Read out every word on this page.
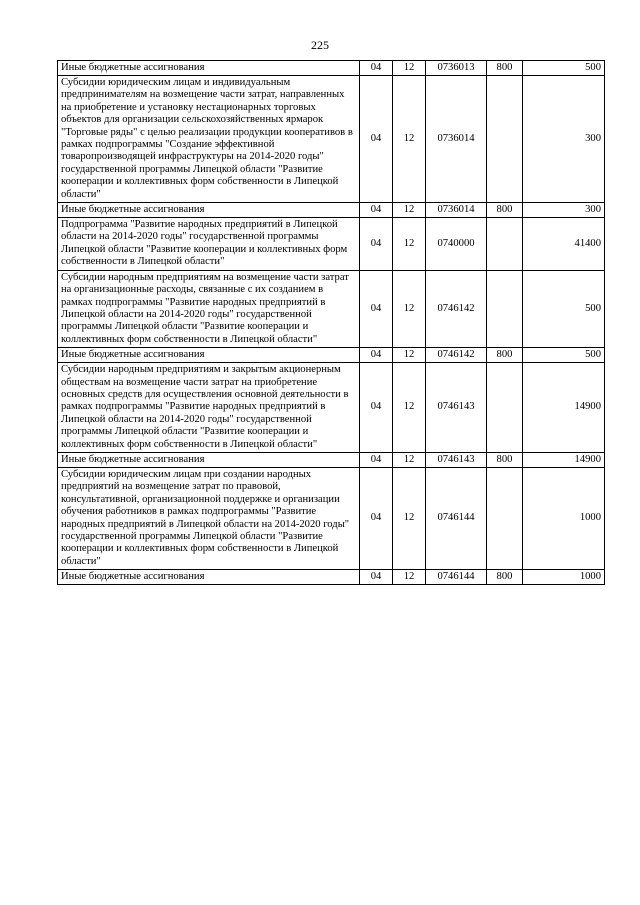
225
Иные бюджетные ассигнования	04	12	0736013	800	500
Субсидии юридическим лицам и индивидуальным предпринимателям на возмещение части затрат, направленных на приобретение и установку нестационарных торговых объектов для организации сельскохозяйственных ярмарок "Торговые ряды" с целью реализации продукции кооперативов в рамках подпрограммы "Создание эффективной товаропроизводящей инфраструктуры на 2014-2020 годы" государственной программы Липецкой области "Развитие кооперации и коллективных форм собственности в Липецкой области"	04	12	0736014		300
Иные бюджетные ассигнования	04	12	0736014	800	300
Подпрограмма "Развитие народных предприятий в Липецкой области на 2014-2020 годы" государственной программы Липецкой области "Развитие кооперации и коллективных форм собственности в Липецкой области"	04	12	0740000		41400
Субсидии народным предприятиям на возмещение части затрат на организационные расходы, связанные с их созданием в рамках подпрограммы "Развитие народных предприятий в Липецкой области на 2014-2020 годы" государственной программы Липецкой области "Развитие кооперации и коллективных форм собственности в Липецкой области"	04	12	0746142		500
Иные бюджетные ассигнования	04	12	0746142	800	500
Субсидии народным предприятиям и закрытым акционерным обществам на возмещение части затрат на приобретение основных средств для осуществления основной деятельности в рамках подпрограммы "Развитие народных предприятий в Липецкой области на 2014-2020 годы" государственной программы Липецкой области "Развитие кооперации и коллективных форм собственности в Липецкой области"	04	12	0746143		14900
Иные бюджетные ассигнования	04	12	0746143	800	14900
Субсидии юридическим лицам при создании народных предприятий на возмещение затрат по правовой, консультативной, организационной поддержке и организации обучения работников в рамках подпрограммы "Развитие народных предприятий в Липецкой области на 2014-2020 годы" государственной программы Липецкой области "Развитие кооперации и коллективных форм собственности в Липецкой области"	04	12	0746144		1000
Иные бюджетные ассигнования	04	12	0746144	800	1000
